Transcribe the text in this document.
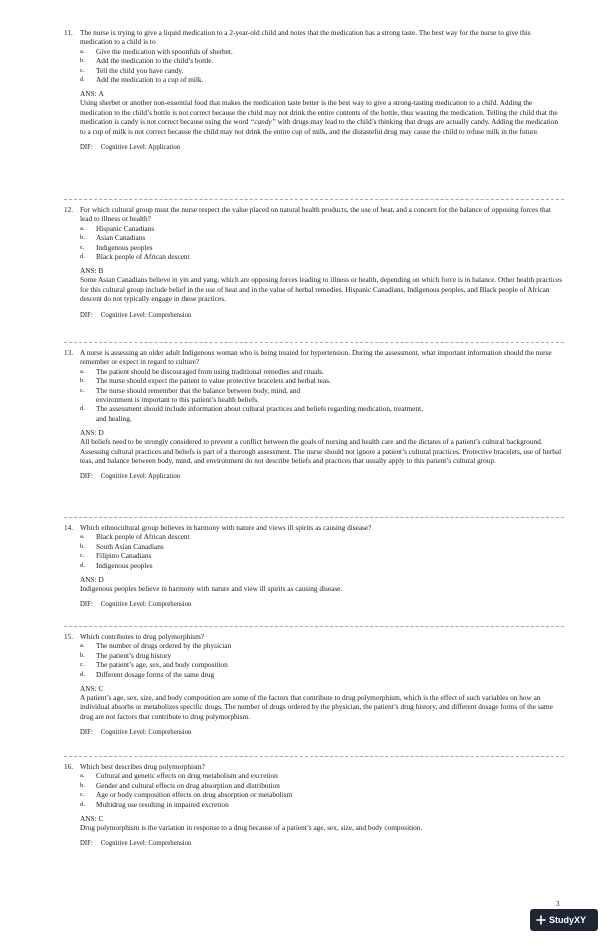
11. The nurse is trying to give a liquid medication to a 2-year-old child and notes that the medication has a strong taste. The best way for the nurse to give this medication to a child is to
a. Give the medication with spoonfuls of sherbet.
b. Add the medication to the child’s bottle.
c. Tell the child you have candy.
d. Add the medication to a cup of milk.
ANS: A
Using sherbet or another non-essential food that makes the medication taste better is the best way to give a strong-tasting medication to a child. Adding the medication to the child’s bottle is not correct because the child may not drink the entire contents of the bottle, thus wasting the medication. Telling the child that the medication is candy is not correct because using the word “candy” with drugs may lead to the child’s thinking that drugs are actually candy. Adding the medication to a cup of milk is not correct because the child may not drink the entire cup of milk, and the distasteful drug may cause the child to refuse milk in the future.
DIF: Cognitive Level: Application
12. For which cultural group must the nurse respect the value placed on natural health products, the use of heat, and a concern for the balance of opposing forces that lead to illness or health?
a. Hispanic Canadians
b. Asian Canadians
c. Indigenous peoples
d. Black people of African descent
ANS: B
Some Asian Canadians believe in yin and yang, which are opposing forces leading to illness or health, depending on which force is in balance. Other health practices for this cultural group include belief in the use of heat and in the value of herbal remedies. Hispanic Canadians, Indigenous peoples, and Black people of African descent do not typically engage in these practices.
DIF: Cognitive Level: Comprehension
13. A nurse is assessing an older adult Indigenous woman who is being treated for hypertension. During the assessment, what important information should the nurse remember or expect in regard to culture?
a. The patient should be discouraged from using traditional remedies and rituals.
b. The nurse should expect the patient to value protective bracelets and herbal teas.
c. The nurse should remember that the balance between body, mind, and environment is important to this patient’s health beliefs.
d. The assessment should include information about cultural practices and beliefs regarding medication, treatment, and healing.
ANS: D
All beliefs need to be strongly considered to prevent a conflict between the goals of nursing and health care and the dictates of a patient’s cultural background. Assessing cultural practices and beliefs is part of a thorough assessment. The nurse should not ignore a patient’s cultural practices. Protective bracelets, use of herbal teas, and balance between body, mind, and environment do not describe beliefs and practices that usually apply to this patient’s cultural group.
DIF: Cognitive Level: Application
14. Which ethnocultural group believes in harmony with nature and views ill spirits as causing disease?
a. Black people of African descent
b. South Asian Canadians
c. Filipino Canadians
d. Indigenous peoples
ANS: D
Indigenous peoples believe in harmony with nature and view ill spirits as causing disease.
DIF: Cognitive Level: Comprehension
15. Which contributes to drug polymorphism?
a. The number of drugs ordered by the physician
b. The patient’s drug history
c. The patient’s age, sex, and body composition
d. Different dosage forms of the same drug
ANS: C
A patient’s age, sex, size, and body composition are some of the factors that contribute to drug polymorphism, which is the effect of such variables on how an individual absorbs or metabolizes specific drugs. The number of drugs ordered by the physician, the patient’s drug history, and different dosage forms of the same drug are not factors that contribute to drug polymorphism.
DIF: Cognitive Level: Comprehension
16. Which best describes drug polymorphism?
a. Cultural and genetic effects on drug metabolism and excretion
b. Gender and cultural effects on drug absorption and distribution
c. Age or body composition effects on drug absorption or metabolism
d. Multidrug use resulting in impaired excretion
ANS: C
Drug polymorphism is the variation in response to a drug because of a patient’s age, sex, size, and body composition.
DIF: Cognitive Level: Comprehension
3
StudyXY
